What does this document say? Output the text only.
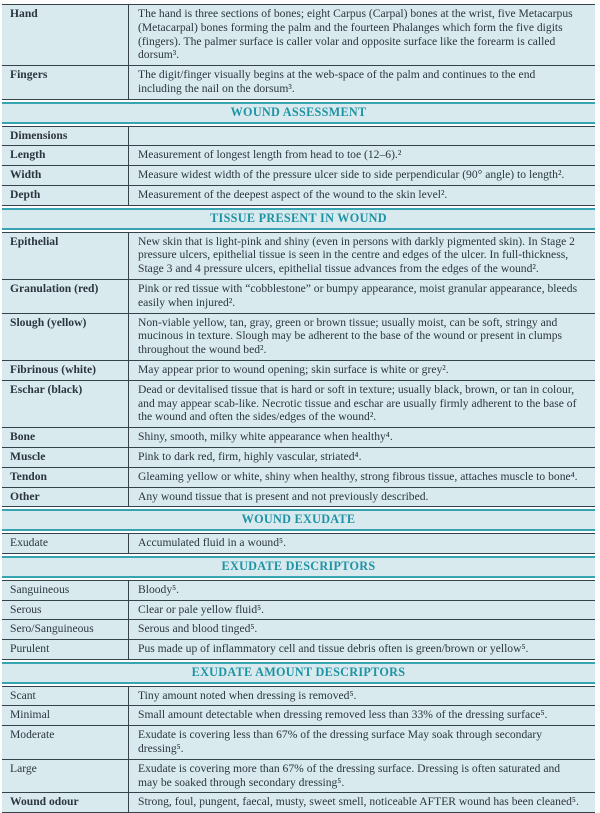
Hand	The hand is three sections of bones; eight Carpus (Carpal) bones at the wrist, five Metacarpus (Metacarpal) bones forming the palm and the fourteen Phalanges which form the five digits (fingers). The palmer surface is caller volar and opposite surface like the forearm is called dorsum³.
Fingers	The digit/finger visually begins at the web-space of the palm and continues to the end including the nail on the dorsum³.
WOUND ASSESSMENT
Dimensions
Length	Measurement of longest length from head to toe (12–6).²
Width	Measure widest width of the pressure ulcer side to side perpendicular (90° angle) to length².
Depth	Measurement of the deepest aspect of the wound to the skin level².
TISSUE PRESENT IN WOUND
Epithelial	New skin that is light-pink and shiny (even in persons with darkly pigmented skin). In Stage 2 pressure ulcers, epithelial tissue is seen in the centre and edges of the ulcer. In full-thickness, Stage 3 and 4 pressure ulcers, epithelial tissue advances from the edges of the wound².
Granulation (red)	Pink or red tissue with “cobblestone” or bumpy appearance, moist granular appearance, bleeds easily when injured².
Slough (yellow)	Non-viable yellow, tan, gray, green or brown tissue; usually moist, can be soft, stringy and mucinous in texture. Slough may be adherent to the base of the wound or present in clumps throughout the wound bed².
Fibrinous (white)	May appear prior to wound opening; skin surface is white or grey².
Eschar (black)	Dead or devitalised tissue that is hard or soft in texture; usually black, brown, or tan in colour, and may appear scab-like. Necrotic tissue and eschar are usually firmly adherent to the base of the wound and often the sides/edges of the wound².
Bone	Shiny, smooth, milky white appearance when healthy⁴.
Muscle	Pink to dark red, firm, highly vascular, striated⁴.
Tendon	Gleaming yellow or white, shiny when healthy, strong fibrous tissue, attaches muscle to bone⁴.
Other	Any wound tissue that is present and not previously described.
WOUND EXUDATE
Exudate	Accumulated fluid in a wound⁵.
EXUDATE DESCRIPTORS
Sanguineous	Bloody⁵.
Serous	Clear or pale yellow fluid⁵.
Sero/Sanguineous	Serous and blood tinged⁵.
Purulent	Pus made up of inflammatory cell and tissue debris often is green/brown or yellow⁵.
EXUDATE AMOUNT DESCRIPTORS
Scant	Tiny amount noted when dressing is removed⁵.
Minimal	Small amount detectable when dressing removed less than 33% of the dressing surface⁵.
Moderate	Exudate is covering less than 67% of the dressing surface May soak through secondary dressing⁵.
Large	Exudate is covering more than 67% of the dressing surface. Dressing is often saturated and may be soaked through secondary dressing⁵.
Wound odour	Strong, foul, pungent, faecal, musty, sweet smell, noticeable AFTER wound has been cleaned⁵.
